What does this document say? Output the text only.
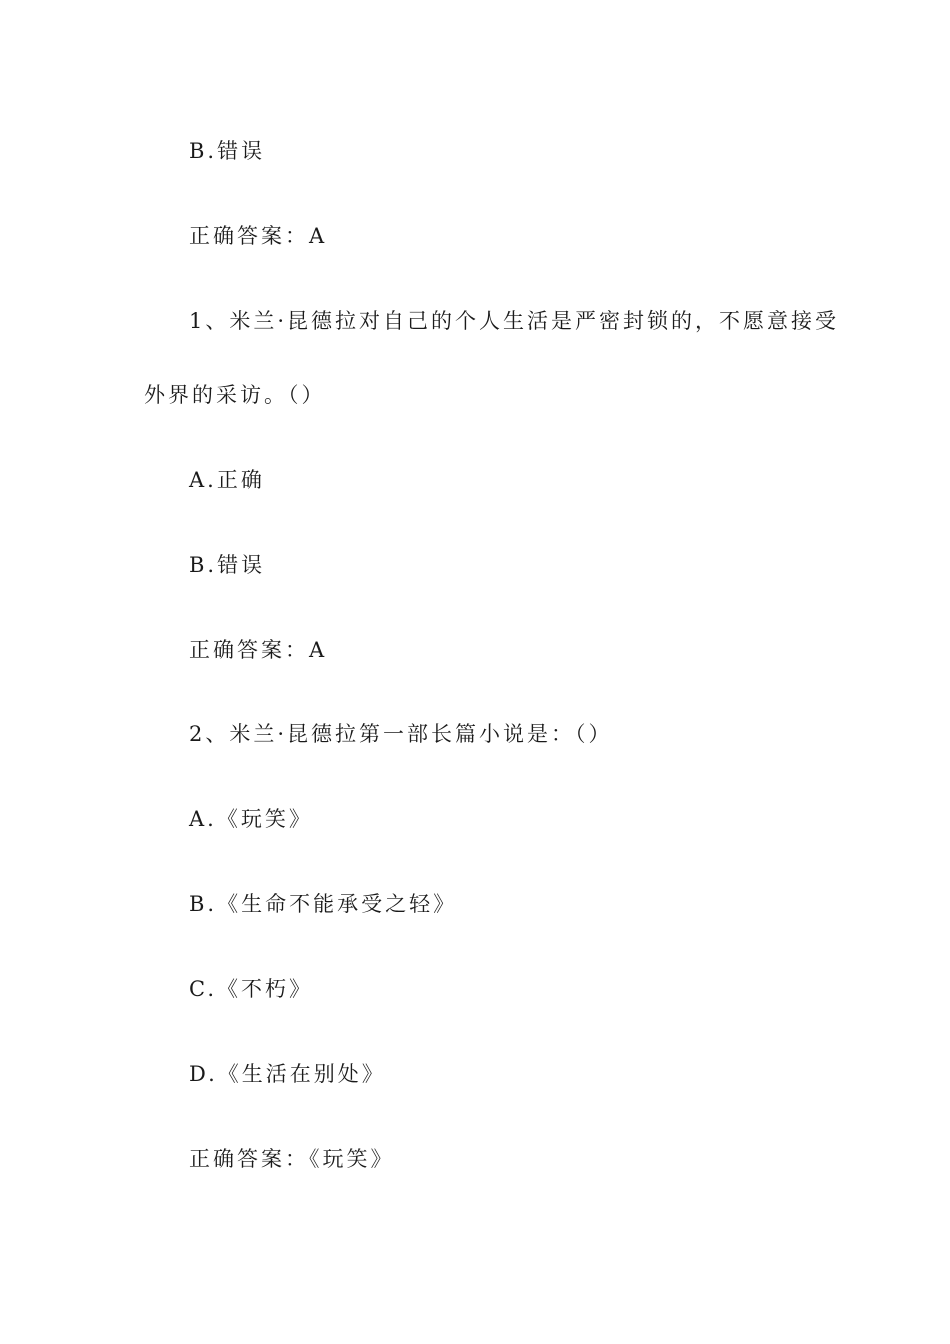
B.错误
正确答案：A
1、米兰·昆德拉对自己的个人生活是严密封锁的，不愿意接受
外界的采访。（）
A.正确
B.错误
正确答案：A
2、米兰·昆德拉第一部长篇小说是：（）
A.《玩笑》
B.《生命不能承受之轻》
C.《不朽》
D.《生活在别处》
正确答案：《玩笑》
